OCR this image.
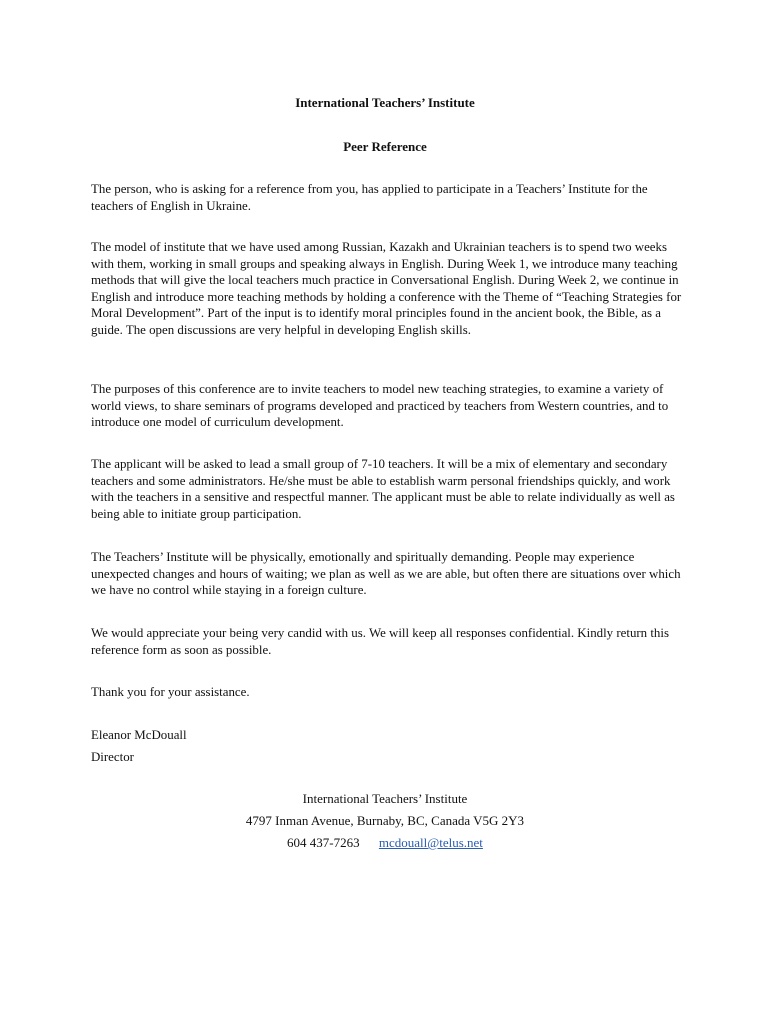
International Teachers’ Institute
Peer Reference
The person, who is asking for a reference from you, has applied to participate in a Teachers’ Institute for the teachers of English in Ukraine.
The model of institute that we have used among Russian, Kazakh and Ukrainian teachers is to spend two weeks with them, working in small groups and speaking always in English. During Week 1, we introduce many teaching methods that will give the local teachers much practice in Conversational English. During Week 2, we continue in English and introduce more teaching methods by holding a conference with the Theme of “Teaching Strategies for Moral Development”. Part of the input is to identify moral principles found in the ancient book, the Bible, as a guide. The open discussions are very helpful in developing English skills.
The purposes of this conference are to invite teachers to model new teaching strategies, to examine a variety of world views, to share seminars of programs developed and practiced by teachers from Western countries, and to introduce one model of curriculum development.
The applicant will be asked to lead a small group of 7-10 teachers. It will be a mix of elementary and secondary teachers and some administrators. He/she must be able to establish warm personal friendships quickly, and work with the teachers in a sensitive and respectful manner. The applicant must be able to relate individually as well as being able to initiate group participation.
The Teachers’ Institute will be physically, emotionally and spiritually demanding. People may experience unexpected changes and hours of waiting; we plan as well as we are able, but often there are situations over which we have no control while staying in a foreign culture.
We would appreciate your being very candid with us. We will keep all responses confidential. Kindly return this reference form as soon as possible.
Thank you for your assistance.
Eleanor McDouall
Director
International Teachers’ Institute
4797 Inman Avenue, Burnaby, BC, Canada V5G 2Y3
604 437-7263 mcdouall@telus.net
